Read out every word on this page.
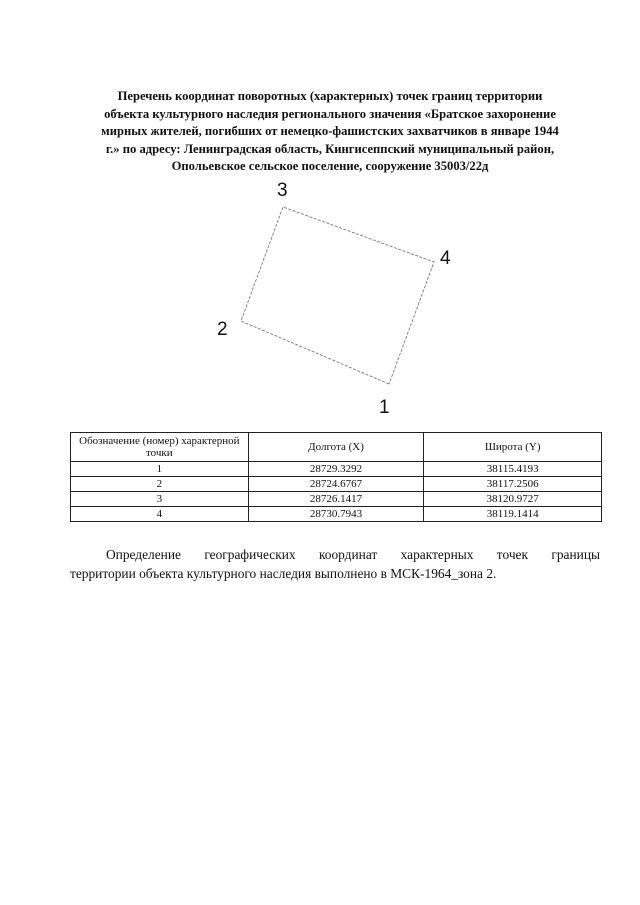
Перечень координат поворотных (характерных) точек границ территории
объекта культурного наследия регионального значения «Братское захоронение
мирных жителей, погибших от немецко-фашистских захватчиков в январе 1944
г.» по адресу: Ленинградская область, Кингисеппский муниципальный район,
Опольевское сельское поселение, сооружение 35003/22д
1
2
3
4
Обозначение (номер) характерной точки	Долгота (X)	Широта (Y)
1	28729.3292	38115.4193
2	28724.6767	38117.2506
3	28726.1417	38120.9727
4	28730.7943	38119.1414
Определение географических координат характерных точек границы
территории объекта культурного наследия выполнено в МСК-1964_зона 2.
